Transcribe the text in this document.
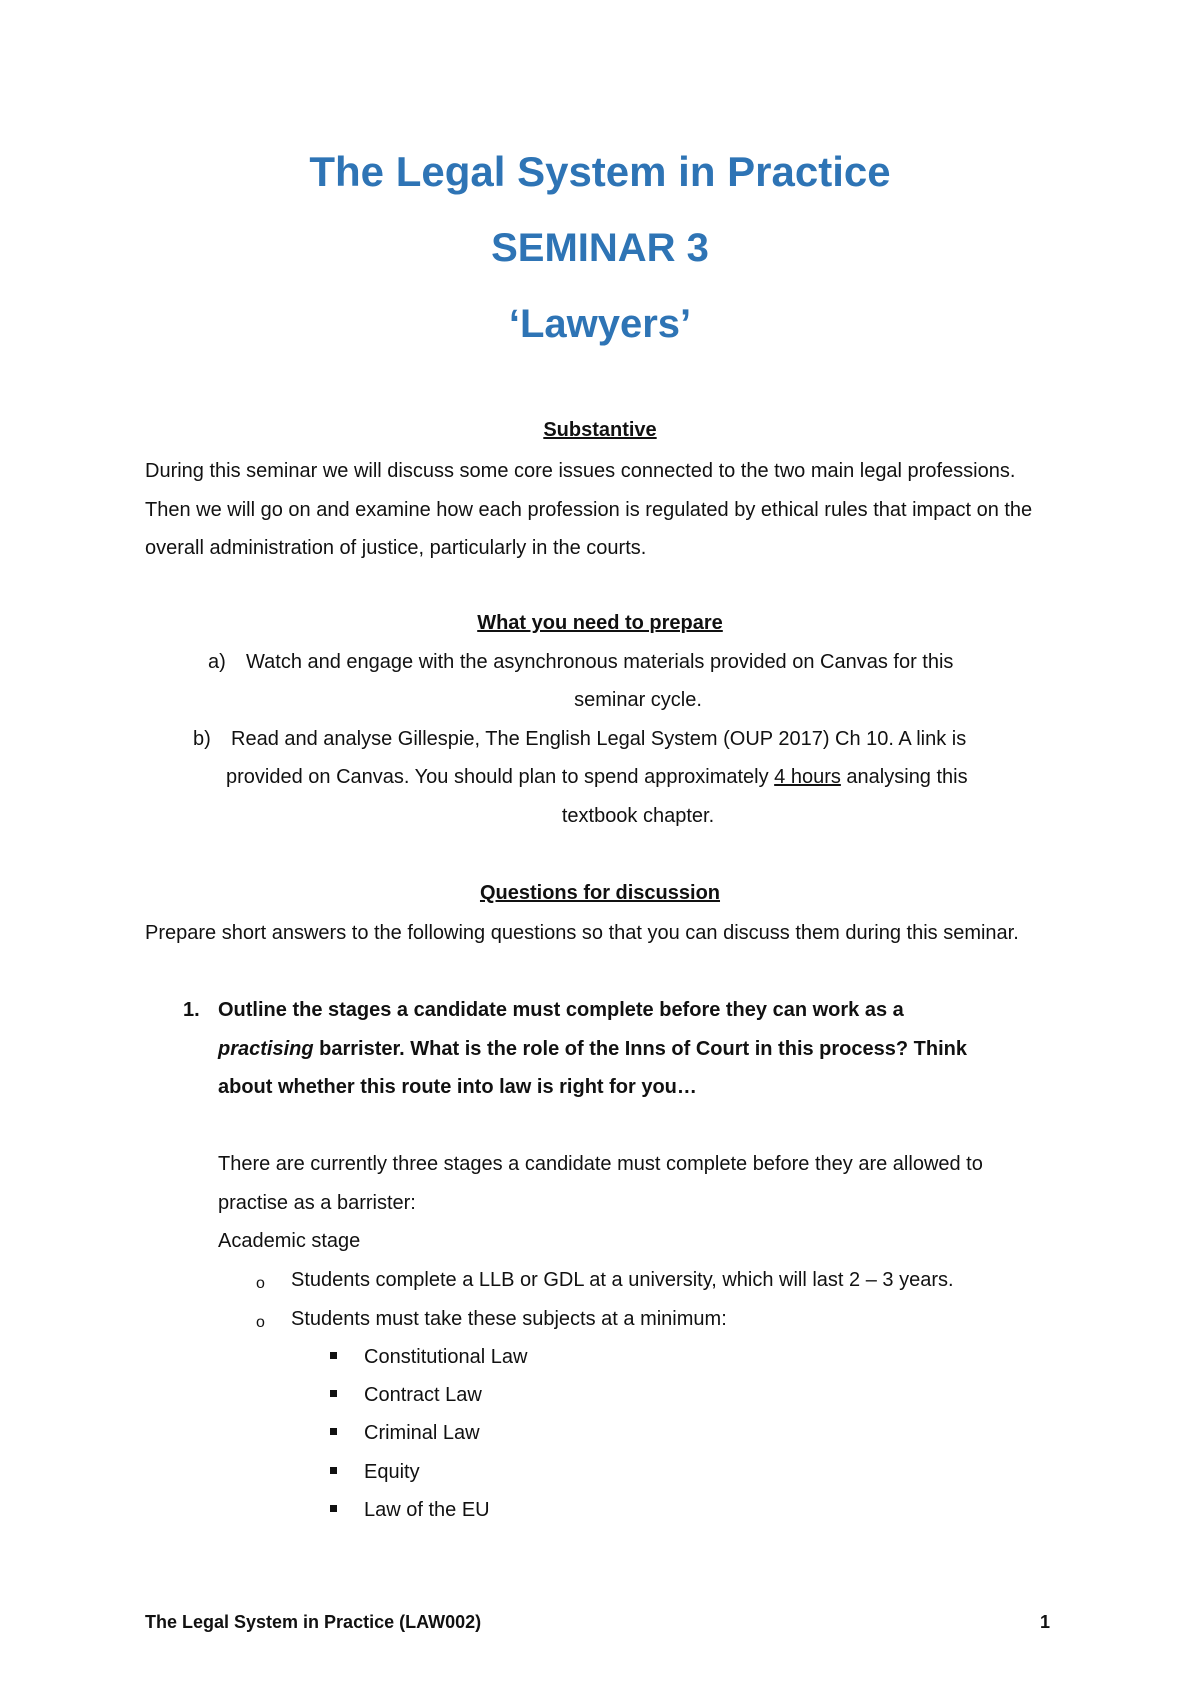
The Legal System in Practice
SEMINAR 3
‘Lawyers’
Substantive
During this seminar we will discuss some core issues connected to the two main legal professions. Then we will go on and examine how each profession is regulated by ethical rules that impact on the overall administration of justice, particularly in the courts.
What you need to prepare
a) Watch and engage with the asynchronous materials provided on Canvas for this
seminar cycle.
b) Read and analyse Gillespie, The English Legal System (OUP 2017) Ch 10. A link is
provided on Canvas. You should plan to spend approximately 4 hours analysing this
textbook chapter.
Questions for discussion
Prepare short answers to the following questions so that you can discuss them during this seminar.
1. Outline the stages a candidate must complete before they can work as a
practising barrister. What is the role of the Inns of Court in this process? Think
about whether this route into law is right for you…
There are currently three stages a candidate must complete before they are allowed to practise as a barrister:
Academic stage
o Students complete a LLB or GDL at a university, which will last 2 – 3 years.
o Students must take these subjects at a minimum:
Constitutional Law
Contract Law
Criminal Law
Equity
Law of the EU
The Legal System in Practice (LAW002)	1
